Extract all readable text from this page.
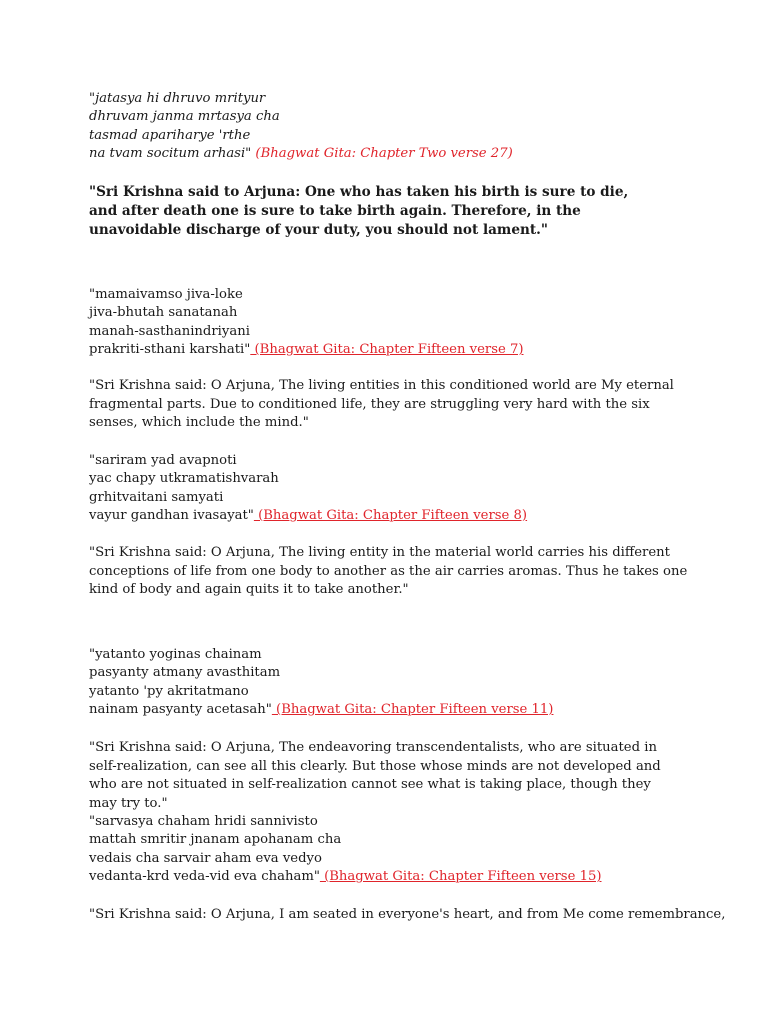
"jatasya hi dhruvo mrityur
dhruvam janma mrtasya cha
tasmad apariharye 'rthe
na tvam socitum arhasi" (Bhagwat Gita: Chapter Two verse 27)

"Sri Krishna said to Arjuna: One who has taken his birth is sure to die, and after death one is sure to take birth again. Therefore, in the unavoidable discharge of your duty, you should not lament."

"mamaivamso jiva-loke
jiva-bhutah sanatanah
manah-sasthanindriyani
prakriti-sthani karshati" (Bhagwat Gita: Chapter Fifteen verse 7)

"Sri Krishna said: O Arjuna, The living entities in this conditioned world are My eternal fragmental parts. Due to conditioned life, they are struggling very hard with the six senses, which include the mind."

"sariram yad avapnoti
yac chapy utkramatishvarah
grhitvaitani samyati
vayur gandhan ivasayat" (Bhagwat Gita: Chapter Fifteen verse 8)

"Sri Krishna said: O Arjuna, The living entity in the material world carries his different conceptions of life from one body to another as the air carries aromas. Thus he takes one kind of body and again quits it to take another."

"yatanto yoginas chainam
pasyanty atmany avasthitam
yatanto 'py akritatmano
nainam pasyanty acetasah" (Bhagwat Gita: Chapter Fifteen verse 11)

"Sri Krishna said: O Arjuna, The endeavoring transcendentalists, who are situated in self-realization, can see all this clearly. But those whose minds are not developed and who are not situated in self-realization cannot see what is taking place, though they may try to."

"sarvasya chaham hridi sannivisto
mattah smritir jnanam apohanam cha
vedais cha sarvair aham eva vedyo
vedanta-krd veda-vid eva chaham" (Bhagwat Gita: Chapter Fifteen verse 15)

"Sri Krishna said: O Arjuna, I am seated in everyone's heart, and from Me come remembrance,
